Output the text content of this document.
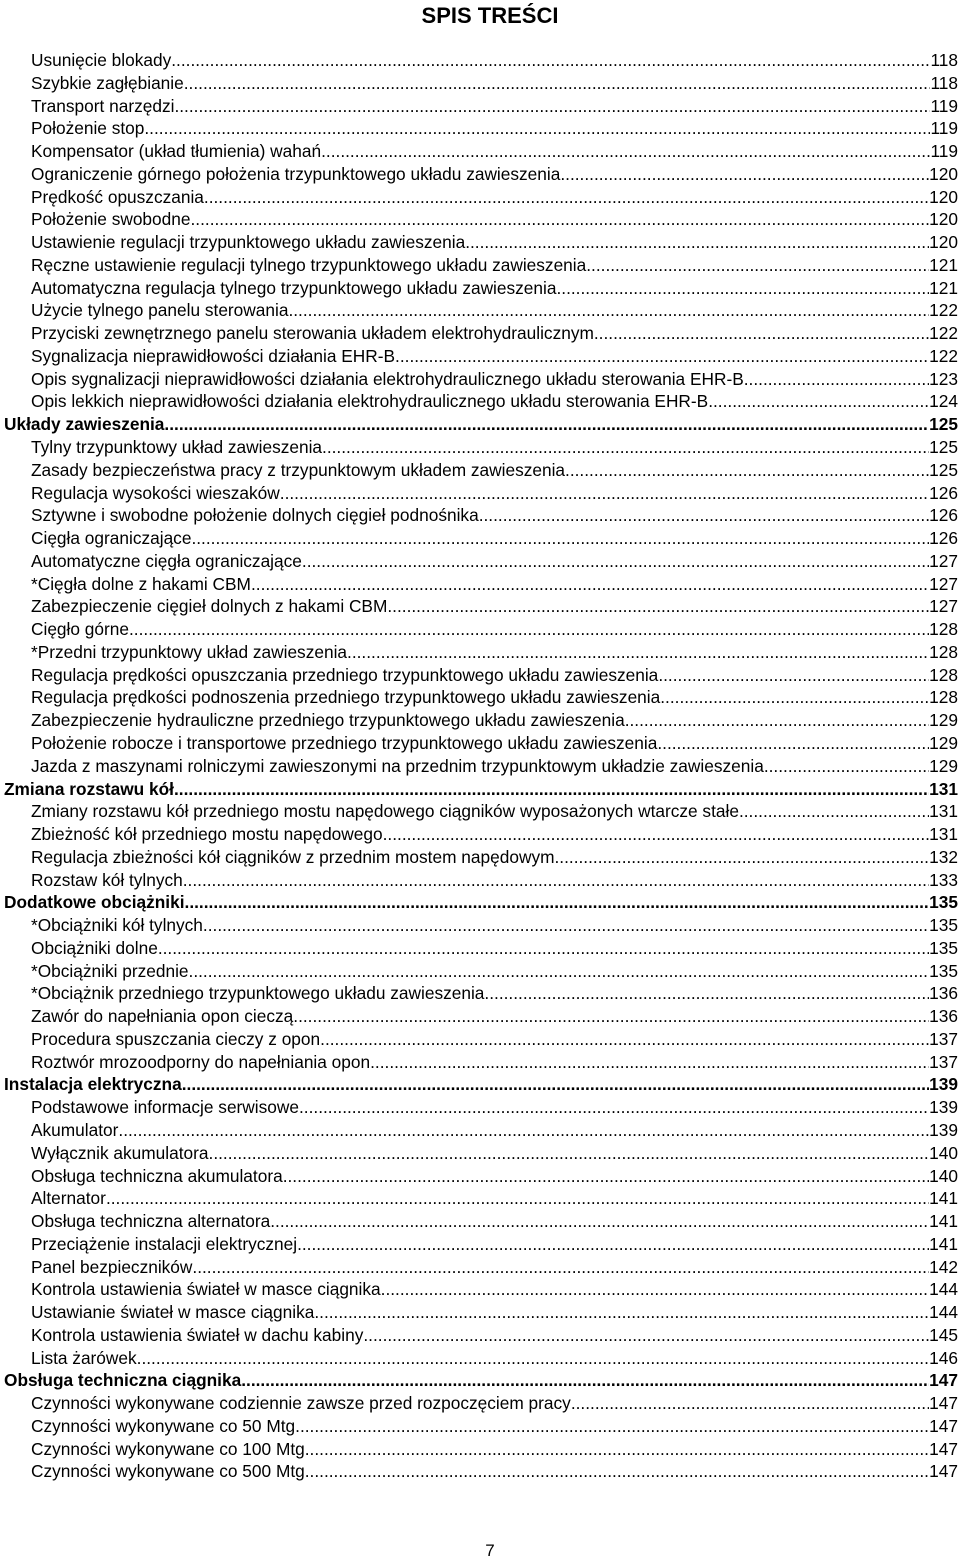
SPIS TREŚCI
Usunięcie blokady .....	118
Szybkie zagłębianie .....	118
Transport narzędzi .....	119
Położenie stop .....	119
Kompensator (układ tłumienia) wahań .....	119
Ograniczenie górnego położenia trzypunktowego układu zawieszenia .....	120
Prędkość opuszczania .....	120
Położenie swobodne .....	120
Ustawienie regulacji trzypunktowego układu zawieszenia .....	120
Ręczne ustawienie regulacji tylnego trzypunktowego układu zawieszenia .....	121
Automatyczna regulacja tylnego trzypunktowego układu zawieszenia .....	121
Użycie tylnego panelu sterowania .....	122
Przyciski zewnętrznego panelu sterowania układem elektrohydraulicznym .....	122
Sygnalizacja nieprawidłowości działania EHR-B .....	122
Opis sygnalizacji nieprawidłowości działania elektrohydraulicznego układu sterowania EHR-B .....	123
Opis lekkich nieprawidłowości działania elektrohydraulicznego układu sterowania EHR-B .....	124
Układy zawieszenia .....	125
Tylny trzypunktowy układ zawieszenia .....	125
Zasady bezpieczeństwa pracy z trzypunktowym układem zawieszenia .....	125
Regulacja wysokości wieszaków .....	126
Sztywne i swobodne położenie dolnych cięgieł podnośnika .....	126
Cięgła ograniczające .....	126
Automatyczne cięgła ograniczające .....	127
*Cięgła dolne z hakami CBM .....	127
Zabezpieczenie cięgieł dolnych z hakami CBM .....	127
Cięgło górne .....	128
*Przedni trzypunktowy układ zawieszenia .....	128
Regulacja prędkości opuszczania przedniego trzypunktowego układu zawieszenia .....	128
Regulacja prędkości podnoszenia przedniego trzypunktowego układu zawieszenia .....	128
Zabezpieczenie hydrauliczne przedniego trzypunktowego układu zawieszenia .....	129
Położenie robocze i transportowe przedniego trzypunktowego układu zawieszenia .....	129
Jazda z maszynami rolniczymi zawieszonymi na przednim trzypunktowym układzie zawieszenia .....	129
Zmiana rozstawu kół .....	131
Zmiany rozstawu kół przedniego mostu napędowego ciągników wyposażonych wtarcze stałe .....	131
Zbieżność kół przedniego mostu napędowego .....	131
Regulacja zbieżności kół ciągników z przednim mostem napędowym .....	132
Rozstaw kół tylnych .....	133
Dodatkowe obciążniki .....	135
*Obciążniki kół tylnych .....	135
Obciążniki dolne .....	135
*Obciążniki przednie .....	135
*Obciążnik przedniego trzypunktowego układu zawieszenia .....	136
Zawór do napełniania opon cieczą .....	136
Procedura spuszczania cieczy z opon .....	137
Roztwór mrozoodporny do napełniania opon .....	137
Instalacja elektryczna .....	139
Podstawowe informacje serwisowe .....	139
Akumulator .....	139
Wyłącznik akumulatora .....	140
Obsługa techniczna akumulatora .....	140
Alternator .....	141
Obsługa techniczna alternatora .....	141
Przeciążenie instalacji elektrycznej .....	141
Panel bezpieczników .....	142
Kontrola ustawienia świateł w masce ciągnika .....	144
Ustawianie świateł w masce ciągnika .....	144
Kontrola ustawienia świateł w dachu kabiny .....	145
Lista żarówek .....	146
Obsługa techniczna ciągnika .....	147
Czynności wykonywane codziennie zawsze przed rozpoczęciem pracy .....	147
Czynności wykonywane co 50 Mtg .....	147
Czynności wykonywane co 100 Mtg .....	147
Czynności wykonywane co 500 Mtg .....	147
7
